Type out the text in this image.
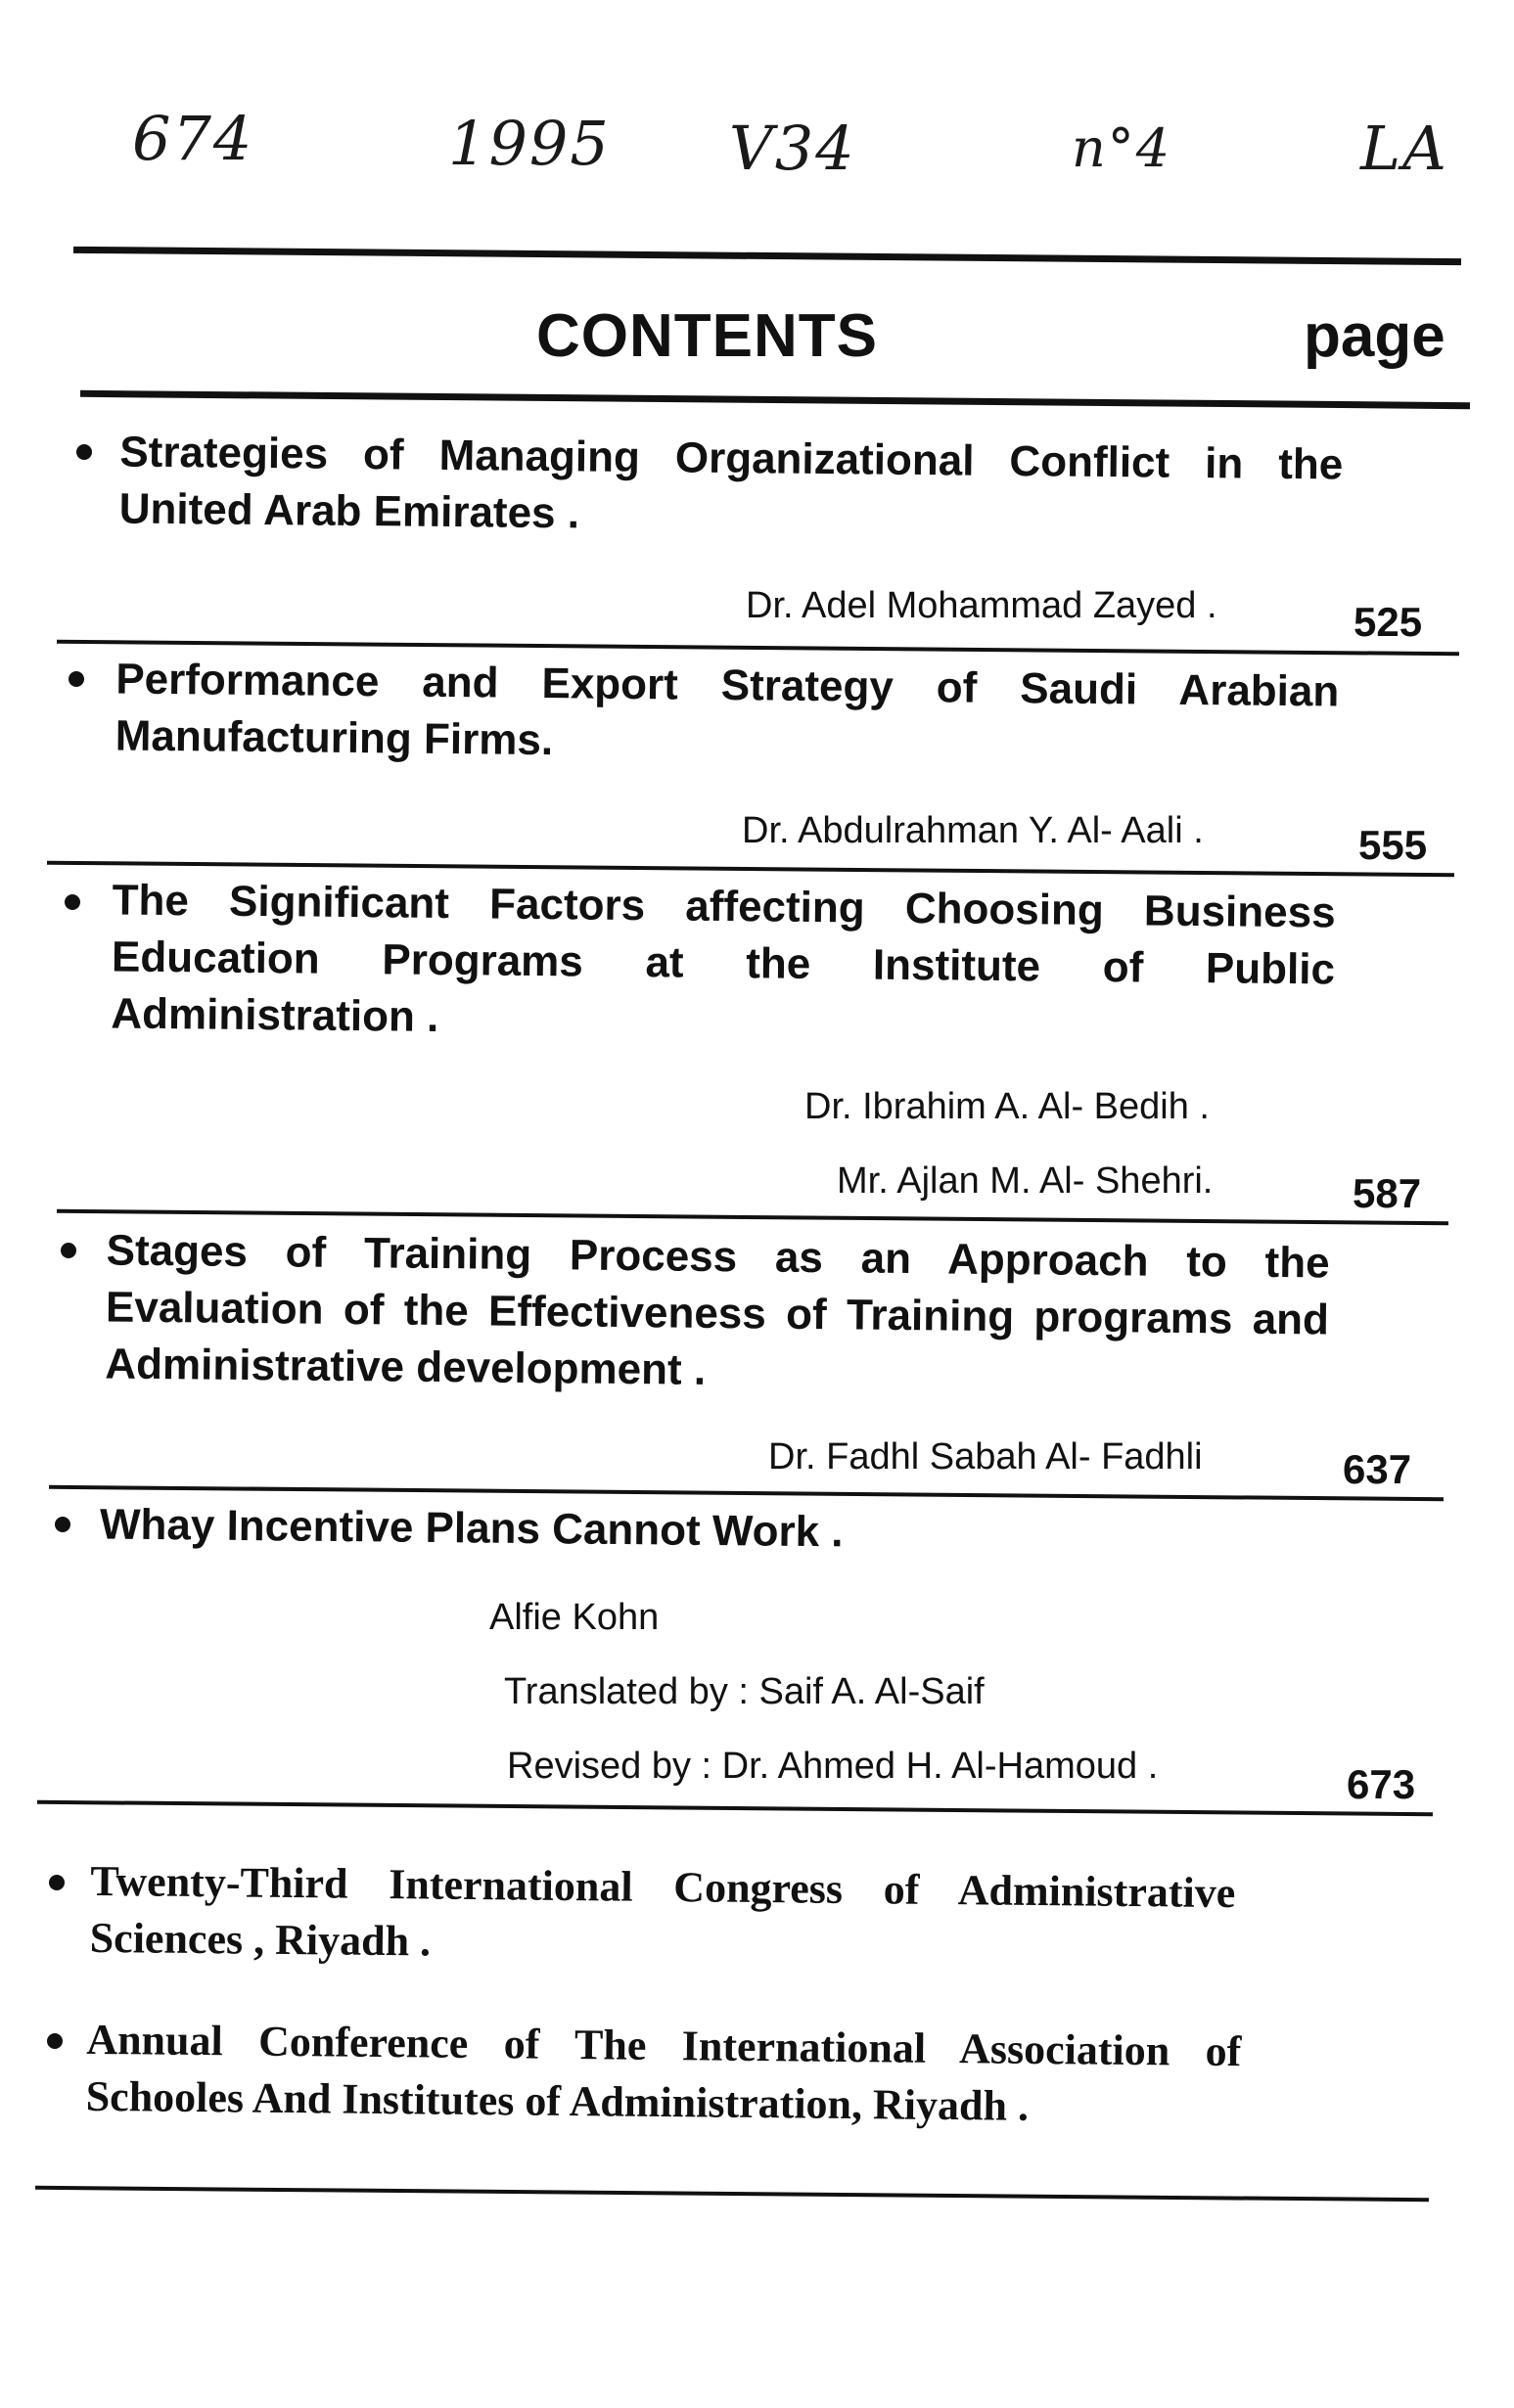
674	1995 V34	n°4	LA
CONTENTS	page
Strategies of Managing Organizational Conflict in the United Arab Emirates .
Dr. Adel Mohammad Zayed .	525
Performance and Export Strategy of Saudi Arabian Manufacturing Firms.
Dr. Abdulrahman Y. Al- Aali .	555
The Significant Factors affecting Choosing Business Education Programs at the Institute of Public Administration .
Dr. Ibrahim A. Al- Bedih .
Mr. Ajlan M. Al- Shehri.	587
Stages of Training Process as an Approach to the Evaluation of the Effectiveness of Training programs and Administrative development .
Dr. Fadhl Sabah Al- Fadhli	637
Whay Incentive Plans Cannot Work .
Alfie Kohn
Translated by : Saif A. Al-Saif
Revised by : Dr. Ahmed H. Al-Hamoud .	673
Twenty-Third International Congress of Administrative Sciences , Riyadh .
Annual Conference of The International Association of Schooles And Institutes of Administration, Riyadh .
